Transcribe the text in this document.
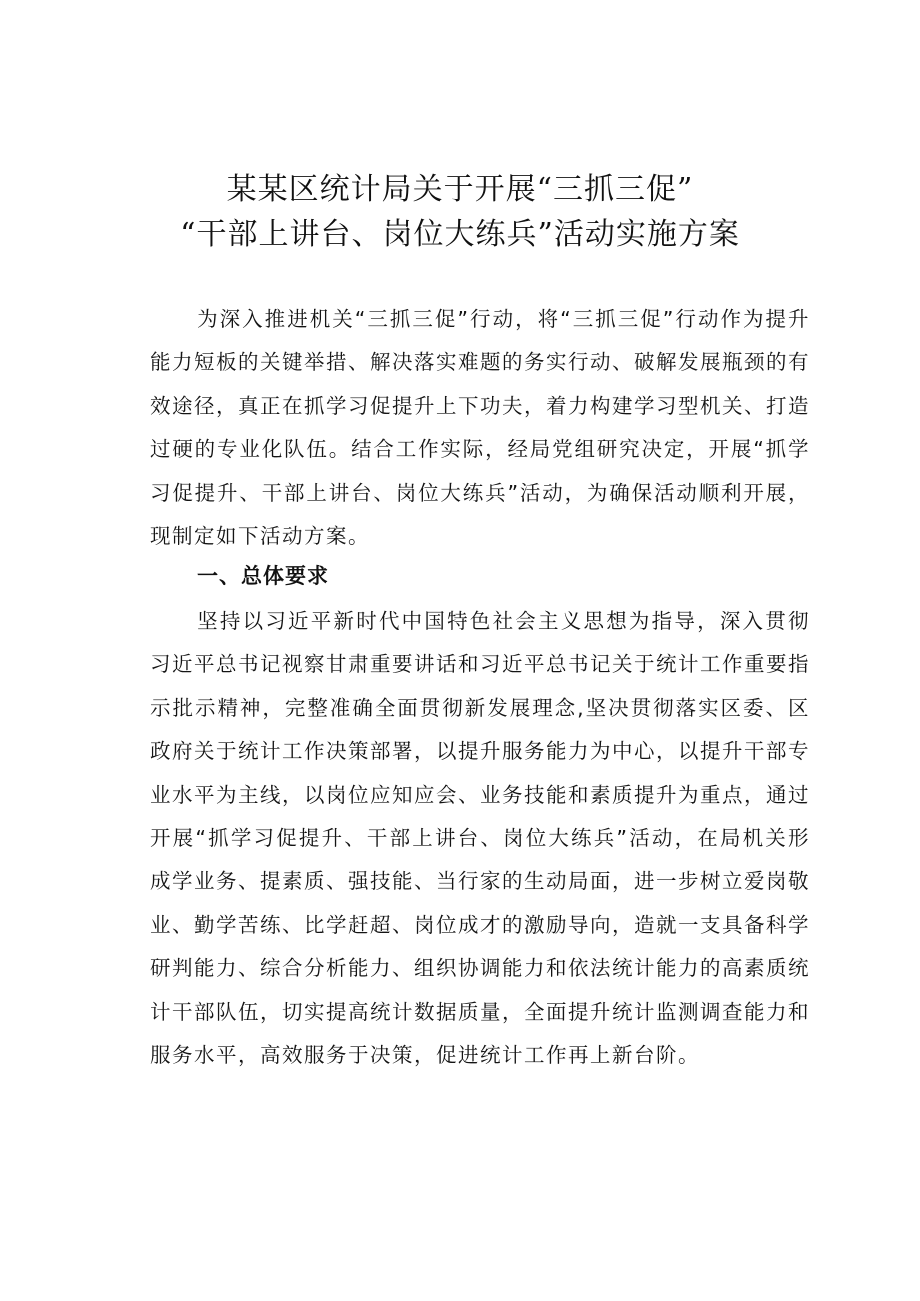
某某区统计局关于开展“三抓三促”
“干部上讲台、岗位大练兵”活动实施方案

为深入推进机关“三抓三促”行动，将“三抓三促”行动作为提升能力短板的关键举措、解决落实难题的务实行动、破解发展瓶颈的有效途径，真正在抓学习促提升上下功夫，着力构建学习型机关、打造过硬的专业化队伍。结合工作实际，经局党组研究决定，开展“抓学习促提升、干部上讲台、岗位大练兵”活动，为确保活动顺利开展，现制定如下活动方案。

一、总体要求

坚持以习近平新时代中国特色社会主义思想为指导，深入贯彻习近平总书记视察甘肃重要讲话和习近平总书记关于统计工作重要指示批示精神，完整准确全面贯彻新发展理念,坚决贯彻落实区委、区政府关于统计工作决策部署，以提升服务能力为中心，以提升干部专业水平为主线，以岗位应知应会、业务技能和素质提升为重点，通过开展“抓学习促提升、干部上讲台、岗位大练兵”活动，在局机关形成学业务、提素质、强技能、当行家的生动局面，进一步树立爱岗敬业、勤学苦练、比学赶超、岗位成才的激励导向，造就一支具备科学研判能力、综合分析能力、组织协调能力和依法统计能力的高素质统计干部队伍，切实提高统计数据质量，全面提升统计监测调查能力和服务水平，高效服务于决策，促进统计工作再上新台阶。
